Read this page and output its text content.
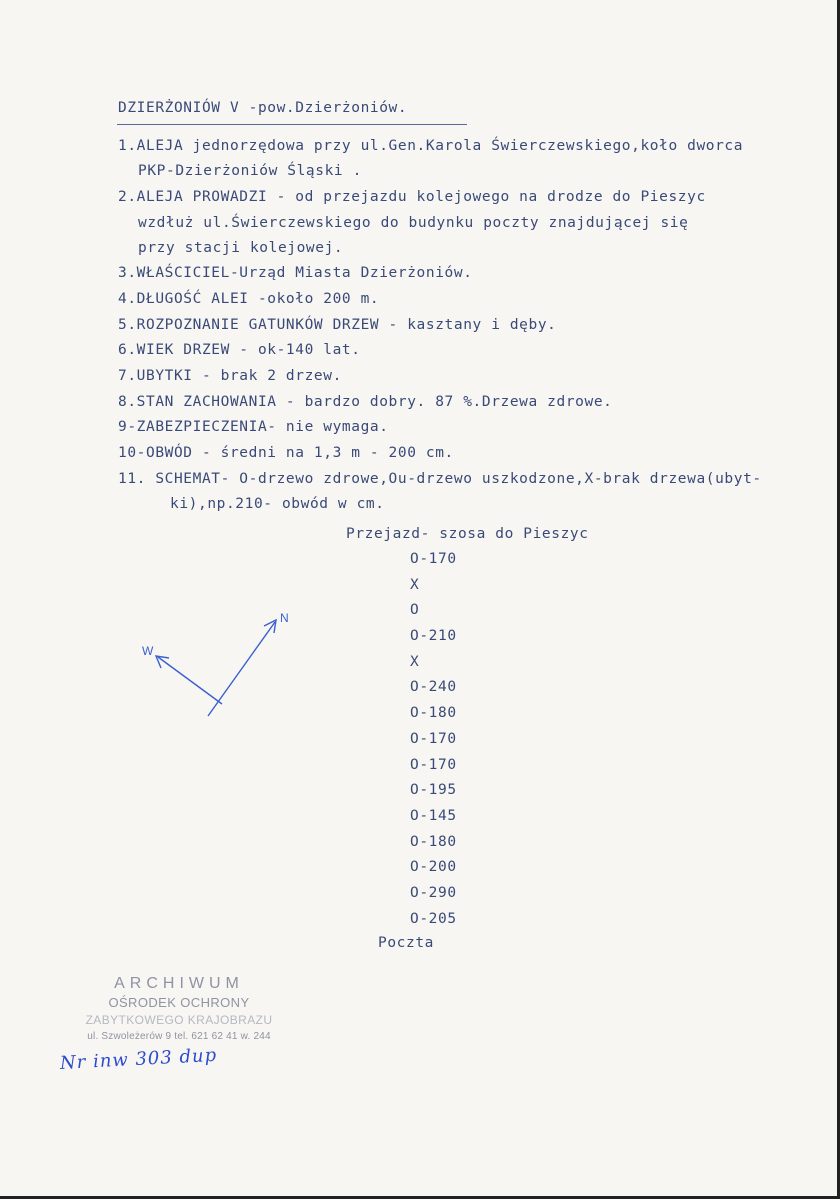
DZIERŻONIÓW V -pow.Dzierżoniów.
1.ALEJA jednorzędowa przy ul.Gen.Karola Świerczewskiego,koło dworca
PKP-Dzierżoniów Śląski .
2.ALEJA PROWADZI - od przejazdu kolejowego na drodze do Pieszyc
wzdłuż ul.Świerczewskiego do budynku poczty znajdującej się
przy stacji kolejowej.
3.WŁAŚCICIEL-Urząd Miasta Dzierżoniów.
4.DŁUGOŚĆ ALEI -około 200 m.
5.ROZPOZNANIE GATUNKÓW DRZEW - kasztany i dęby.
6.WIEK DRZEW - ok-140 lat.
7.UBYTKI - brak 2 drzew.
8.STAN ZACHOWANIA - bardzo dobry. 87 %.Drzewa zdrowe.
9-ZABEZPIECZENIA- nie wymaga.
10-OBWÓD - średni na 1,3 m - 200 cm.
11. SCHEMAT- O-drzewo zdrowe,Ou-drzewo uszkodzone,X-brak drzewa(ubyt-
ki),np.210- obwód w cm.
Przejazd- szosa do Pieszyc
O-170
X
O
O-210
X
O-240
O-180
O-170
O-170
O-195
O-145
O-180
O-200
O-290
O-205
Poczta
N
W
ARCHIWUM
OŚRODEK OCHRONY
ZABYTKOWEGO KRAJOBRAZU
ul. Szwoleżerów 9 tel. 621 62 41 w. 244
Nr inw 303 dup
